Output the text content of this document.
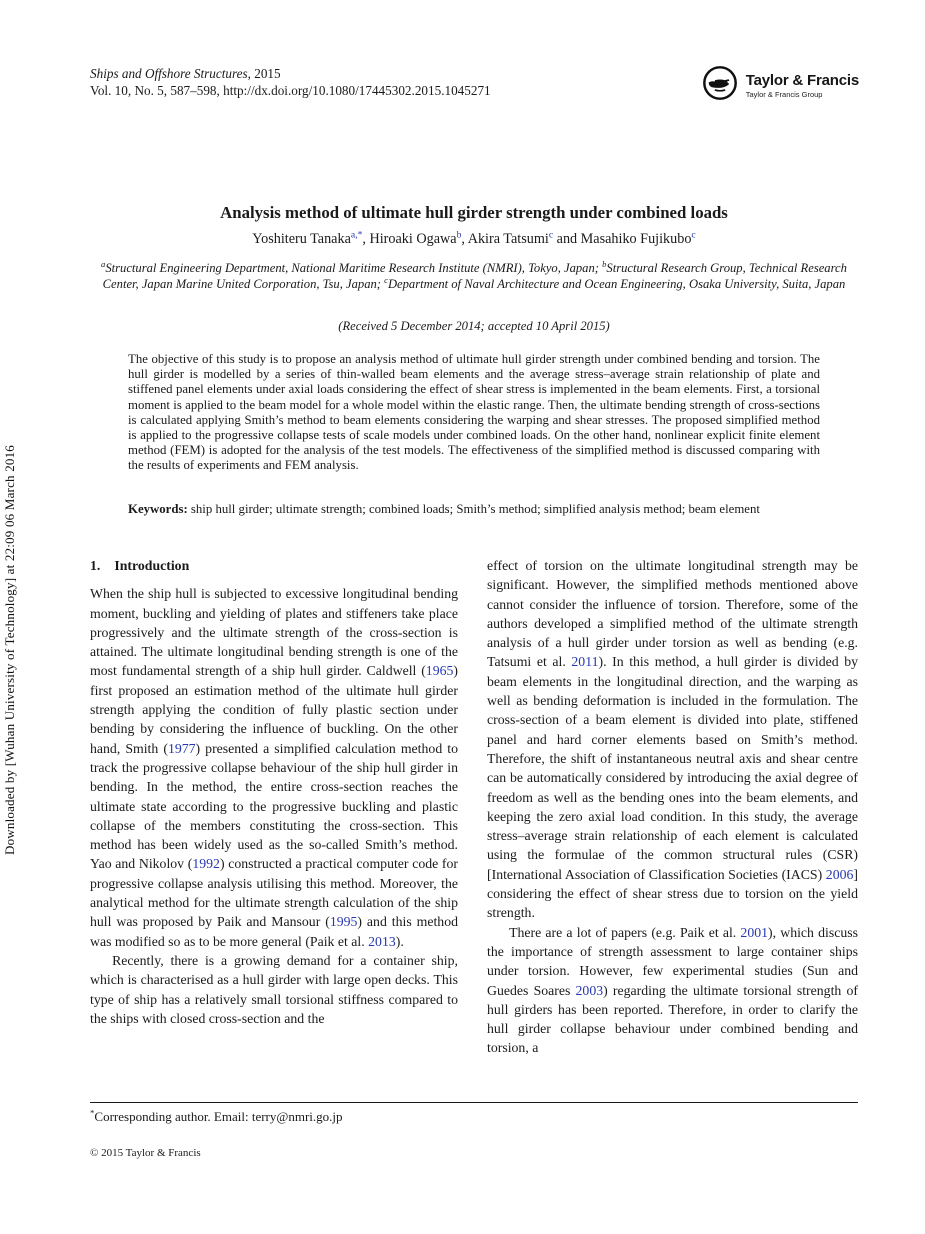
Downloaded by [Wuhan University of Technology] at 22:09 06 March 2016
Ships and Offshore Structures, 2015
Vol. 10, No. 5, 587–598, http://dx.doi.org/10.1080/17445302.2015.1045271
Taylor & Francis
Taylor & Francis Group
Analysis method of ultimate hull girder strength under combined loads
Yoshiteru Tanaka$^{a,*}$, Hiroaki Ogawa$^b$, Akira Tatsumi$^c$ and Masahiko Fujikubo$^c$
$^a$Structural Engineering Department, National Maritime Research Institute (NMRI), Tokyo, Japan; $^b$Structural Research Group, Technical Research Center, Japan Marine United Corporation, Tsu, Japan; $^c$Department of Naval Architecture and Ocean Engineering, Osaka University, Suita, Japan
(Received 5 December 2014; accepted 10 April 2015)
The objective of this study is to propose an analysis method of ultimate hull girder strength under combined bending and torsion. The hull girder is modelled by a series of thin-walled beam elements and the average stress–average strain relationship of plate and stiffened panel elements under axial loads considering the effect of shear stress is implemented in the beam elements. First, a torsional moment is applied to the beam model for a whole model within the elastic range. Then, the ultimate bending strength of cross-sections is calculated applying Smith’s method to beam elements considering the warping and shear stresses. The proposed simplified method is applied to the progressive collapse tests of scale models under combined loads. On the other hand, nonlinear explicit finite element method (FEM) is adopted for the analysis of the test models. The effectiveness of the simplified method is discussed comparing with the results of experiments and FEM analysis.
Keywords: ship hull girder; ultimate strength; combined loads; Smith’s method; simplified analysis method; beam element
1. Introduction

When the ship hull is subjected to excessive longitudinal bending moment, buckling and yielding of plates and stiffeners take place progressively and the ultimate strength of the cross-section is attained. The ultimate longitudinal bending strength is one of the most fundamental strength of a ship hull girder. Caldwell (1965) first proposed an estimation method of the ultimate hull girder strength applying the condition of fully plastic section under bending by considering the influence of buckling. On the other hand, Smith (1977) presented a simplified calculation method to track the progressive collapse behaviour of the ship hull girder in bending. In the method, the entire cross-section reaches the ultimate state according to the progressive buckling and plastic collapse of the members constituting the cross-section. This method has been widely used as the so-called Smith’s method. Yao and Nikolov (1992) constructed a practical computer code for progressive collapse analysis utilising this method. Moreover, the analytical method for the ultimate strength calculation of the ship hull was proposed by Paik and Mansour (1995) and this method was modified so as to be more general (Paik et al. 2013).

Recently, there is a growing demand for a container ship, which is characterised as a hull girder with large open decks. This type of ship has a relatively small torsional stiffness compared to the ships with closed cross-section and the

effect of torsion on the ultimate longitudinal strength may be significant. However, the simplified methods mentioned above cannot consider the influence of torsion. Therefore, some of the authors developed a simplified method of the ultimate strength analysis of a hull girder under torsion as well as bending (e.g. Tatsumi et al. 2011). In this method, a hull girder is divided by beam elements in the longitudinal direction, and the warping as well as bending deformation is included in the formulation. The cross-section of a beam element is divided into plate, stiffened panel and hard corner elements based on Smith’s method. Therefore, the shift of instantaneous neutral axis and shear centre can be automatically considered by introducing the axial degree of freedom as well as the bending ones into the beam elements, and keeping the zero axial load condition. In this study, the average stress–average strain relationship of each element is calculated using the formulae of the common structural rules (CSR) [International Association of Classification Societies (IACS) 2006] considering the effect of shear stress due to torsion on the yield strength.

There are a lot of papers (e.g. Paik et al. 2001), which discuss the importance of strength assessment to large container ships under torsion. However, few experimental studies (Sun and Guedes Soares 2003) regarding the ultimate torsional strength of hull girders has been reported. Therefore, in order to clarify the hull girder collapse behaviour under combined bending and torsion, a

*Corresponding author. Email: terry@nmri.go.jp
© 2015 Taylor & Francis
